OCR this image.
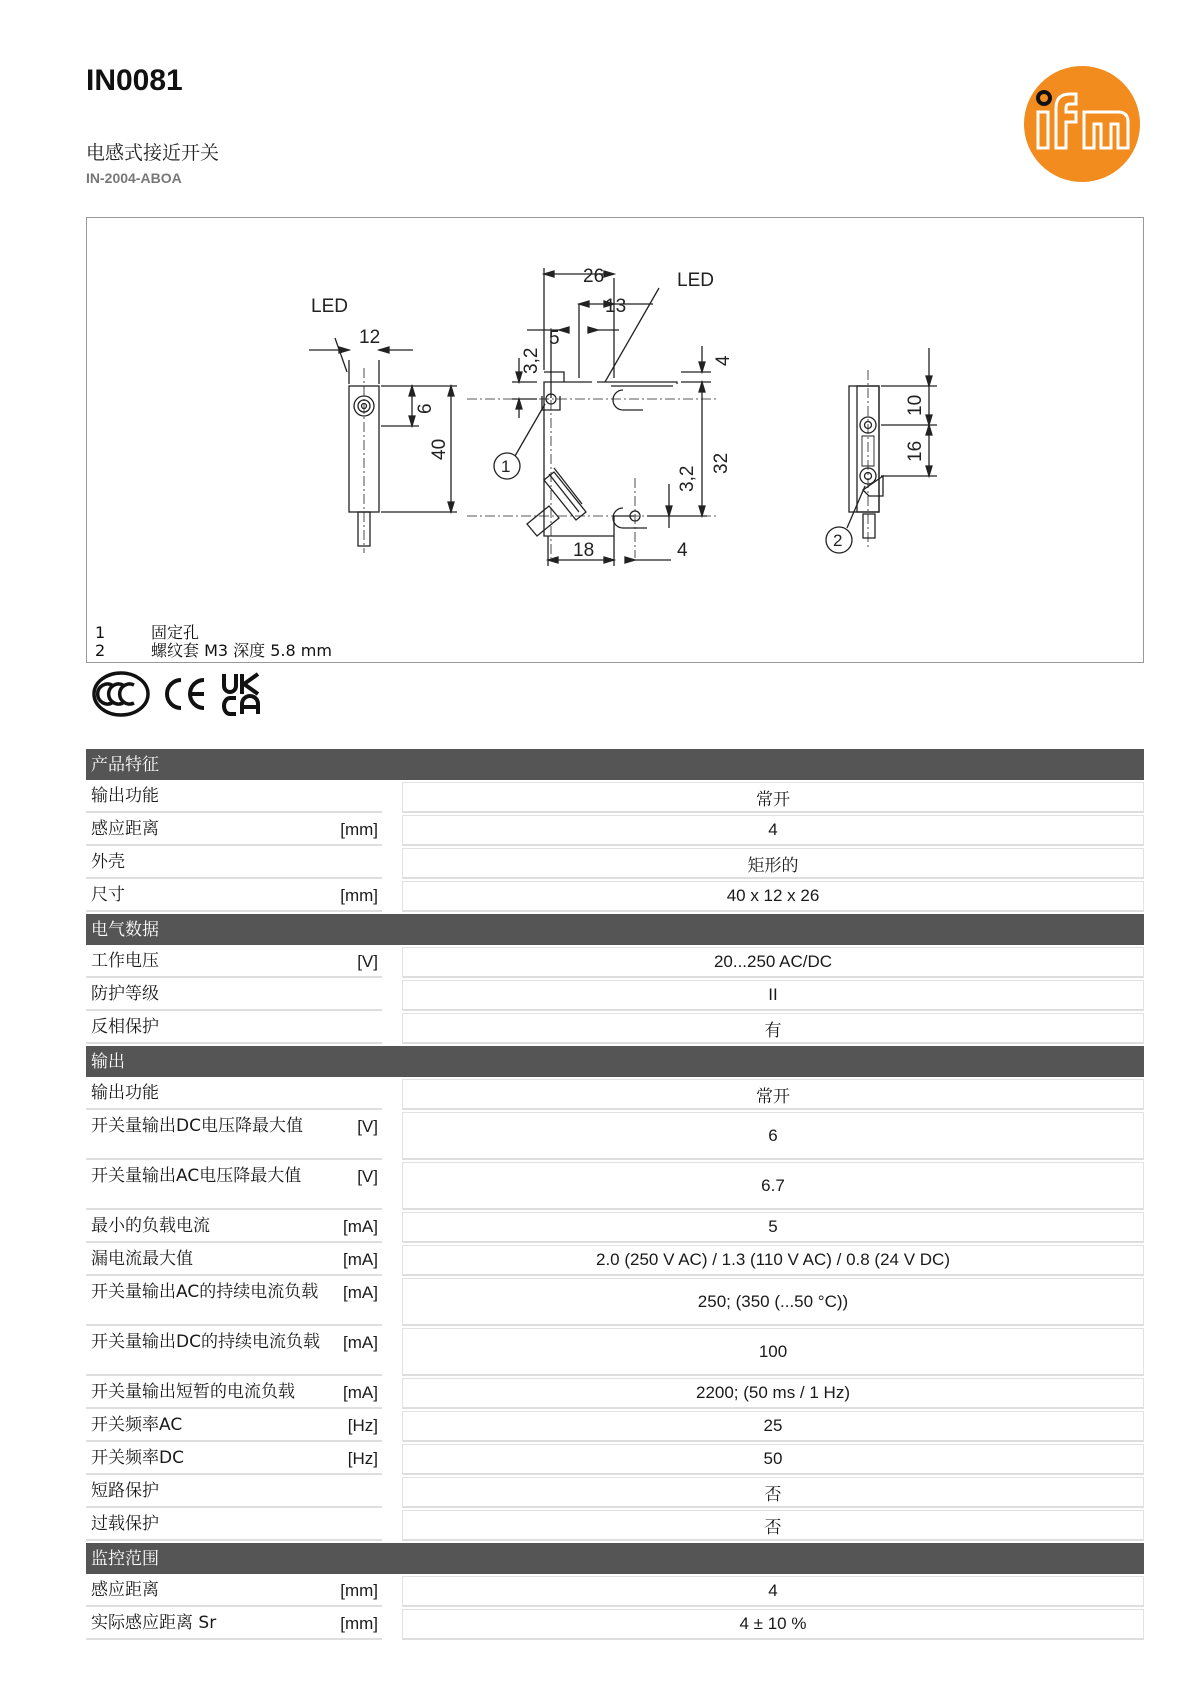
IN0081
电感式接近开关
IN-2004-ABOA
LED
12
6
40
26	LED
13
5
3,2	4
32
3,2
18	4
1
10
16
2
1	固定孔
2	螺纹套 M3 深度 5.8 mm
产品特征
输出功能	常开
感应距离	[mm]	4
外壳	矩形的
尺寸	[mm]	40 x 12 x 26
电气数据
工作电压	[V]	20...250 AC/DC
防护等级	II
反相保护	有
输出
输出功能	常开
开关量输出DC电压降最大值	[V]	6
开关量输出AC电压降最大值	[V]	6.7
最小的负载电流	[mA]	5
漏电流最大值	[mA]	2.0 (250 V AC) / 1.3 (110 V AC) / 0.8 (24 V DC)
开关量输出AC的持续电流负载	[mA]	250; (350 (...50 °C))
开关量输出DC的持续电流负载	[mA]	100
开关量输出短暂的电流负载	[mA]	2200; (50 ms / 1 Hz)
开关频率AC	[Hz]	25
开关频率DC	[Hz]	50
短路保护	否
过载保护	否
监控范围
感应距离	[mm]	4
实际感应距离 Sr	[mm]	4 ± 10 %
